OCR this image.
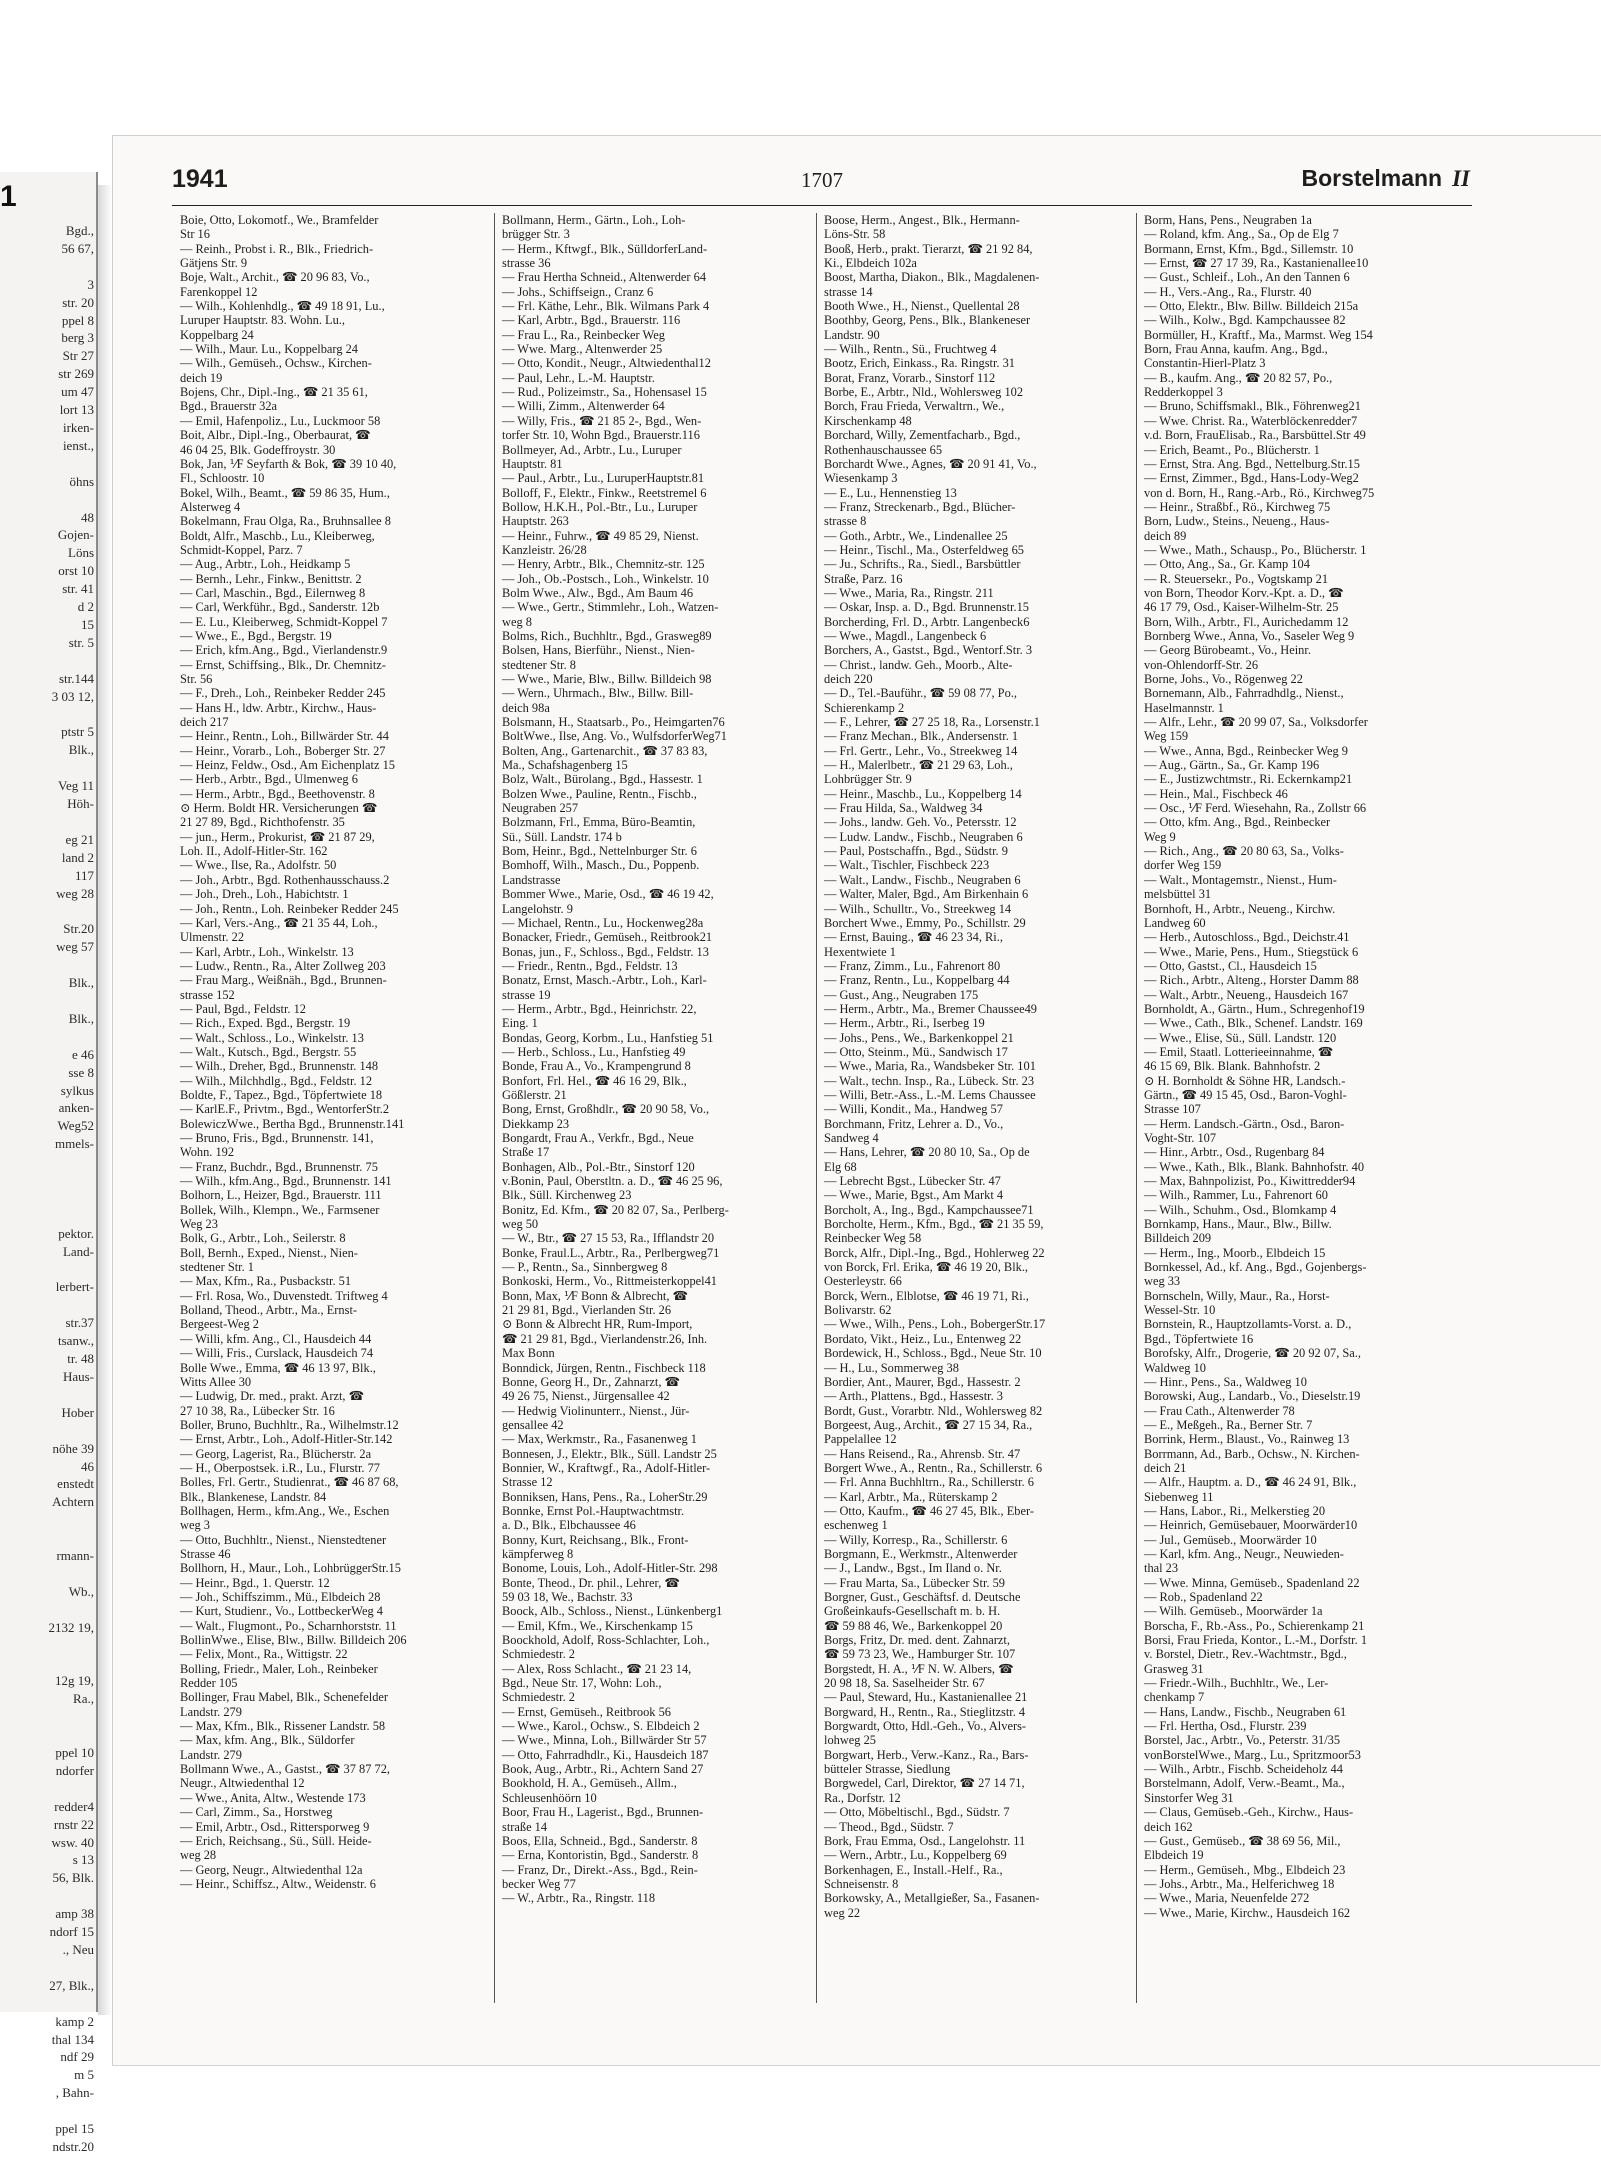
1
Bgd.,
56 67,

3
str. 20
ppel 8
berg 3
Str 27
str 269
um 47
lort 13
irken-
ienst.,

öhns

48
Gojen-
Löns
orst 10
str. 41
d 2
15
str. 5

str.144
3 03 12,

ptstr 5
Blk.,

Veg 11
Höh-

eg 21
land 2
117
weg 28

Str.20
weg 57

Blk.,

Blk.,

e 46
sse 8
sylkus
anken-
Weg52
mmels-

pektor.
Land-

lerbert-

str.37
tsanw.,
tr. 48
Haus-

Hober

nöhe 39
46
enstedt
Achtern

rmann-

Wb.,

2132 19,

12g 19,
Ra.,

ppel 10
ndorfer

redder4
rnstr 22
wsw. 40
s 13
56, Blk.

amp 38
ndorf 15
., Neu

27, Blk.,

kamp 2
thal 134
ndf 29
m 5
, Bahn-

ppel 15
ndstr.20
1941	1707	Borstelmann II
Boie, Otto, Lokomotf., We., Bramfelder
Str 16
— Reinh., Probst i. R., Blk., Friedrich-
Gätjens Str. 9
Boje, Walt., Archit., ☎ 20 96 83, Vo.,
Farenkoppel 12
— Wilh., Kohlenhdlg., ☎ 49 18 91, Lu.,
Luruper Hauptstr. 83. Wohn. Lu.,
Koppelbarg 24
— Wilh., Maur. Lu., Koppelbarg 24
— Wilh., Gemüseh., Ochsw., Kirchen-
deich 19
Bojens, Chr., Dipl.-Ing., ☎ 21 35 61,
Bgd., Brauerstr 32a
— Emil, Hafenpoliz., Lu., Luckmoor 58
Boit, Albr., Dipl.-Ing., Oberbaurat, ☎
46 04 25, Blk. Godeffroystr. 30
Bok, Jan, ⅟F Seyfarth & Bok, ☎ 39 10 40,
Fl., Schloostr. 10
Bokel, Wilh., Beamt., ☎ 59 86 35, Hum.,
Alsterweg 4
Bokelmann, Frau Olga, Ra., Bruhnsallee 8
Boldt, Alfr., Maschb., Lu., Kleiberweg,
Schmidt-Koppel, Parz. 7
— Aug., Arbtr., Loh., Heidkamp 5
— Bernh., Lehr., Finkw., Benittstr. 2
— Carl, Maschin., Bgd., Eilernweg 8
— Carl, Werkführ., Bgd., Sanderstr. 12b
— E. Lu., Kleiberweg, Schmidt-Koppel 7
— Wwe., E., Bgd., Bergstr. 19
— Erich, kfm.Ang., Bgd., Vierlandenstr.9
— Ernst, Schiffsing., Blk., Dr. Chemnitz-
Str. 56
— F., Dreh., Loh., Reinbeker Redder 245
— Hans H., ldw. Arbtr., Kirchw., Haus-
deich 217
— Heinr., Rentn., Loh., Billwärder Str. 44
— Heinr., Vorarb., Loh., Boberger Str. 27
— Heinz, Feldw., Osd., Am Eichenplatz 15
— Herb., Arbtr., Bgd., Ulmenweg 6
— Herm., Arbtr., Bgd., Beethovenstr. 8
⊙ Herm. Boldt HR. Versicherungen ☎
21 27 89, Bgd., Richthofenstr. 35
— jun., Herm., Prokurist, ☎ 21 87 29,
Loh. II., Adolf-Hitler-Str. 162
— Wwe., Ilse, Ra., Adolfstr. 50
— Joh., Arbtr., Bgd. Rothenhausschauss.2
— Joh., Dreh., Loh., Habichtstr. 1
— Joh., Rentn., Loh. Reinbeker Redder 245
— Karl, Vers.-Ang., ☎ 21 35 44, Loh.,
Ulmenstr. 22
— Karl, Arbtr., Loh., Winkelstr. 13
— Ludw., Rentn., Ra., Alter Zollweg 203
— Frau Marg., Weißnäh., Bgd., Brunnen-
strasse 152
— Paul, Bgd., Feldstr. 12
— Rich., Exped. Bgd., Bergstr. 19
— Walt., Schloss., Lo., Winkelstr. 13
— Walt., Kutsch., Bgd., Bergstr. 55
— Wilh., Dreher, Bgd., Brunnenstr. 148
— Wilh., Milchhdlg., Bgd., Feldstr. 12
Boldte, F., Tapez., Bgd., Töpfertwiete 18
— KarlE.F., Privtm., Bgd., WentorferStr.2
BolewiczWwe., Bertha Bgd., Brunnenstr.141
— Bruno, Fris., Bgd., Brunnenstr. 141,
Wohn. 192
— Franz, Buchdr., Bgd., Brunnenstr. 75
— Wilh., kfm.Ang., Bgd., Brunnenstr. 141
Bolhorn, L., Heizer, Bgd., Brauerstr. 111
Bollek, Wilh., Klempn., We., Farmsener
Weg 23
Bolk, G., Arbtr., Loh., Seilerstr. 8
Boll, Bernh., Exped., Nienst., Nien-
stedtener Str. 1
— Max, Kfm., Ra., Pusbackstr. 51
— Frl. Rosa, Wo., Duvenstedt. Triftweg 4
Bolland, Theod., Arbtr., Ma., Ernst-
Bergeest-Weg 2
— Willi, kfm. Ang., Cl., Hausdeich 44
— Willi, Fris., Curslack, Hausdeich 74
Bolle Wwe., Emma, ☎ 46 13 97, Blk.,
Witts Allee 30
— Ludwig, Dr. med., prakt. Arzt, ☎
27 10 38, Ra., Lübecker Str. 16
Boller, Bruno, Buchhltr., Ra., Wilhelmstr.12
— Ernst, Arbtr., Loh., Adolf-Hitler-Str.142
— Georg, Lagerist, Ra., Blücherstr. 2a
— H., Oberpostsek. i.R., Lu., Flurstr. 77
Bolles, Frl. Gertr., Studienrat., ☎ 46 87 68,
Blk., Blankenese, Landstr. 84
Bollhagen, Herm., kfm.Ang., We., Eschen
weg 3
— Otto, Buchhltr., Nienst., Nienstedtener
Strasse 46
Bollhorn, H., Maur., Loh., LohbrüggerStr.15
— Heinr., Bgd., 1. Querstr. 12
— Joh., Schiffszimm., Mü., Elbdeich 28
— Kurt, Studienr., Vo., LottbeckerWeg 4
— Walt., Flugmont., Po., Scharnhorststr. 11
BollinWwe., Elise, Blw., Billw. Billdeich 206
— Felix, Mont., Ra., Wittigstr. 22
Bolling, Friedr., Maler, Loh., Reinbeker
Redder 105
Bollinger, Frau Mabel, Blk., Schenefelder
Landstr. 279
— Max, Kfm., Blk., Rissener Landstr. 58
— Max, kfm. Ang., Blk., Süldorfer
Landstr. 279
Bollmann Wwe., A., Gastst., ☎ 37 87 72,
Neugr., Altwiedenthal 12
— Wwe., Anita, Altw., Westende 173
— Carl, Zimm., Sa., Horstweg
— Emil, Arbtr., Osd., Rittersporweg 9
— Erich, Reichsang., Sü., Süll. Heide-
weg 28
— Georg, Neugr., Altwiedenthal 12a
— Heinr., Schiffsz., Altw., Weidenstr. 6
Bollmann, Herm., Gärtn., Loh., Loh-
brügger Str. 3
— Herm., Kftwgf., Blk., SülldorferLand-
strasse 36
— Frau Hertha Schneid., Altenwerder 64
— Johs., Schiffseign., Cranz 6
— Frl. Käthe, Lehr., Blk. Wilmans Park 4
— Karl, Arbtr., Bgd., Brauerstr. 116
— Frau L., Ra., Reinbecker Weg
— Wwe. Marg., Altenwerder 25
— Otto, Kondit., Neugr., Altwiedenthal12
— Paul, Lehr., L.-M. Hauptstr.
— Rud., Polizeimstr., Sa., Hohensasel 15
— Willi, Zimm., Altenwerder 64
— Willy, Fris., ☎ 21 85 2-, Bgd., Wen-
torfer Str. 10, Wohn Bgd., Brauerstr.116
Bollmeyer, Ad., Arbtr., Lu., Luruper
Hauptstr. 81
— Paul., Arbtr., Lu., LuruperHauptstr.81
Bolloff, F., Elektr., Finkw., Reetstremel 6
Bollow, H.K.H., Pol.-Btr., Lu., Luruper
Hauptstr. 263
— Heinr., Fuhrw., ☎ 49 85 29, Nienst.
Kanzleistr. 26/28
— Henry, Arbtr., Blk., Chemnitz-str. 125
— Joh., Ob.-Postsch., Loh., Winkelstr. 10
Bolm Wwe., Alw., Bgd., Am Baum 46
— Wwe., Gertr., Stimmlehr., Loh., Watzen-
weg 8
Bolms, Rich., Buchhltr., Bgd., Grasweg89
Bolsen, Hans, Bierführ., Nienst., Nien-
stedtener Str. 8
— Wwe., Marie, Blw., Billw. Billdeich 98
— Wern., Uhrmach., Blw., Billw. Bill-
deich 98a
Bolsmann, H., Staatsarb., Po., Heimgarten76
BoltWwe., Ilse, Ang. Vo., WulfsdorferWeg71
Bolten, Ang., Gartenarchit., ☎ 37 83 83,
Ma., Schafshagenberg 15
Bolz, Walt., Bürolang., Bgd., Hassestr. 1
Bolzen Wwe., Pauline, Rentn., Fischb.,
Neugraben 257
Bolzmann, Frl., Emma, Büro-Beamtin,
Sü., Süll. Landstr. 174 b
Bom, Heinr., Bgd., Nettelnburger Str. 6
Bomhoff, Wilh., Masch., Du., Poppenb.
Landstrasse
Bommer Wwe., Marie, Osd., ☎ 46 19 42,
Langelohstr. 9
— Michael, Rentn., Lu., Hockenweg28a
Bonacker, Friedr., Gemüseh., Reitbrook21
Bonas, jun., F., Schloss., Bgd., Feldstr. 13
— Friedr., Rentn., Bgd., Feldstr. 13
Bonatz, Ernst, Masch.-Arbtr., Loh., Karl-
strasse 19
— Herm., Arbtr., Bgd., Heinrichstr. 22,
Eing. 1
Bondas, Georg, Korbm., Lu., Hanfstieg 51
— Herb., Schloss., Lu., Hanfstieg 49
Bonde, Frau A., Vo., Krampengrund 8
Bonfort, Frl. Hel., ☎ 46 16 29, Blk.,
Gößlerstr. 21
Bong, Ernst, Großhdlr., ☎ 20 90 58, Vo.,
Diekkamp 23
Bongardt, Frau A., Verkfr., Bgd., Neue
Straße 17
Bonhagen, Alb., Pol.-Btr., Sinstorf 120
v.Bonin, Paul, Oberstltn. a. D., ☎ 46 25 96,
Blk., Süll. Kirchenweg 23
Bonitz, Ed. Kfm., ☎ 20 82 07, Sa., Perlberg-
weg 50
— W., Btr., ☎ 27 15 53, Ra., Ifflandstr 20
Bonke, Fraul.L., Arbtr., Ra., Perlbergweg71
— P., Rentn., Sa., Sinnbergweg 8
Bonkoski, Herm., Vo., Rittmeisterkoppel41
Bonn, Max, ⅟F Bonn & Albrecht, ☎
21 29 81, Bgd., Vierlanden Str. 26
⊙ Bonn & Albrecht HR, Rum-Import,
☎ 21 29 81, Bgd., Vierlandenstr.26, Inh.
Max Bonn
Bonndick, Jürgen, Rentn., Fischbeck 118
Bonne, Georg H., Dr., Zahnarzt, ☎
49 26 75, Nienst., Jürgensallee 42
— Hedwig Violinunterr., Nienst., Jür-
gensallee 42
— Max, Werkmstr., Ra., Fasanenweg 1
Bonnesen, J., Elektr., Blk., Süll. Landstr 25
Bonnier, W., Kraftwgf., Ra., Adolf-Hitler-
Strasse 12
Bonniksen, Hans, Pens., Ra., LoherStr.29
Bonnke, Ernst Pol.-Hauptwachtmstr.
a. D., Blk., Elbchaussee 46
Bonny, Kurt, Reichsang., Blk., Front-
kämpferweg 8
Bonome, Louis, Loh., Adolf-Hitler-Str. 298
Bonte, Theod., Dr. phil., Lehrer, ☎
59 03 18, We., Bachstr. 33
Boock, Alb., Schloss., Nienst., Lünkenberg1
— Emil, Kfm., We., Kirschenkamp 15
Boockhold, Adolf, Ross-Schlachter, Loh.,
Schmiedestr. 2
— Alex, Ross Schlacht., ☎ 21 23 14,
Bgd., Neue Str. 17, Wohn: Loh.,
Schmiedestr. 2
— Ernst, Gemüseh., Reitbrook 56
— Wwe., Karol., Ochsw., S. Elbdeich 2
— Wwe., Minna, Loh., Billwärder Str 57
— Otto, Fahrradhdlr., Ki., Hausdeich 187
Book, Aug., Arbtr., Ri., Achtern Sand 27
Bookhold, H. A., Gemüseh., Allm.,
Schleusenhöörn 10
Boor, Frau H., Lagerist., Bgd., Brunnen-
straße 14
Boos, Ella, Schneid., Bgd., Sanderstr. 8
— Erna, Kontoristin, Bgd., Sanderstr. 8
— Franz, Dr., Direkt.-Ass., Bgd., Rein-
becker Weg 77
— W., Arbtr., Ra., Ringstr. 118
Boose, Herm., Angest., Blk., Hermann-
Löns-Str. 58
Booß, Herb., prakt. Tierarzt, ☎ 21 92 84,
Ki., Elbdeich 102a
Boost, Martha, Diakon., Blk., Magdalenen-
strasse 14
Booth Wwe., H., Nienst., Quellental 28
Boothby, Georg, Pens., Blk., Blankeneser
Landstr. 90
— Wilh., Rentn., Sü., Fruchtweg 4
Bootz, Erich, Einkass., Ra. Ringstr. 31
Borat, Franz, Vorarb., Sinstorf 112
Borbe, E., Arbtr., Nld., Wohlersweg 102
Borch, Frau Frieda, Verwaltrn., We.,
Kirschenkamp 48
Borchard, Willy, Zementfacharb., Bgd.,
Rothenhauschaussee 65
Borchardt Wwe., Agnes, ☎ 20 91 41, Vo.,
Wiesenkamp 3
— E., Lu., Hennenstieg 13
— Franz, Streckenarb., Bgd., Blücher-
strasse 8
— Goth., Arbtr., We., Lindenallee 25
— Heinr., Tischl., Ma., Osterfeldweg 65
— Ju., Schrifts., Ra., Siedl., Barsbüttler
Straße, Parz. 16
— Wwe., Maria, Ra., Ringstr. 211
— Oskar, Insp. a. D., Bgd. Brunnenstr.15
Borcherding, Frl. D., Arbtr. Langenbeck6
— Wwe., Magdl., Langenbeck 6
Borchers, A., Gastst., Bgd., Wentorf.Str. 3
— Christ., landw. Geh., Moorb., Alte-
deich 220
— D., Tel.-Bauführ., ☎ 59 08 77, Po.,
Schierenkamp 2
— F., Lehrer, ☎ 27 25 18, Ra., Lorsenstr.1
— Franz Mechan., Blk., Andersenstr. 1
— Frl. Gertr., Lehr., Vo., Streekweg 14
— H., Malerlbetr., ☎ 21 29 63, Loh.,
Lohbrügger Str. 9
— Heinr., Maschb., Lu., Koppelberg 14
— Frau Hilda, Sa., Waldweg 34
— Johs., landw. Geh. Vo., Petersstr. 12
— Ludw. Landw., Fischb., Neugraben 6
— Paul, Postschaffn., Bgd., Südstr. 9
— Walt., Tischler, Fischbeck 223
— Walt., Landw., Fischb., Neugraben 6
— Walter, Maler, Bgd., Am Birkenhain 6
— Wilh., Schulltr., Vo., Streekweg 14
Borchert Wwe., Emmy, Po., Schillstr. 29
— Ernst, Bauing., ☎ 46 23 34, Ri.,
Hexentwiete 1
— Franz, Zimm., Lu., Fahrenort 80
— Franz, Rentn., Lu., Koppelbarg 44
— Gust., Ang., Neugraben 175
— Herm., Arbtr., Ma., Bremer Chaussee49
— Herm., Arbtr., Ri., Iserbeg 19
— Johs., Pens., We., Barkenkoppel 21
— Otto, Steinm., Mü., Sandwisch 17
— Wwe., Maria, Ra., Wandsbeker Str. 101
— Walt., techn. Insp., Ra., Lübeck. Str. 23
— Willi, Betr.-Ass., L.-M. Lems Chaussee
— Willi, Kondit., Ma., Handweg 57
Borchmann, Fritz, Lehrer a. D., Vo.,
Sandweg 4
— Hans, Lehrer, ☎ 20 80 10, Sa., Op de
Elg 68
— Lebrecht Bgst., Lübecker Str. 47
— Wwe., Marie, Bgst., Am Markt 4
Borcholt, A., Ing., Bgd., Kampchaussee71
Borcholte, Herm., Kfm., Bgd., ☎ 21 35 59,
Reinbecker Weg 58
Borck, Alfr., Dipl.-Ing., Bgd., Hohlerweg 22
von Borck, Frl. Erika, ☎ 46 19 20, Blk.,
Oesterleystr. 66
Borck, Wern., Elblotse, ☎ 46 19 71, Ri.,
Bolivarstr. 62
— Wwe., Wilh., Pens., Loh., BobergerStr.17
Bordato, Vikt., Heiz., Lu., Entenweg 22
Bordewick, H., Schloss., Bgd., Neue Str. 10
— H., Lu., Sommerweg 38
Bordier, Ant., Maurer, Bgd., Hassestr. 2
— Arth., Plattens., Bgd., Hassestr. 3
Bordt, Gust., Vorarbtr. Nld., Wohlersweg 82
Borgeest, Aug., Archit., ☎ 27 15 34, Ra.,
Pappelallee 12
— Hans Reisend., Ra., Ahrensb. Str. 47
Borgert Wwe., A., Rentn., Ra., Schillerstr. 6
— Frl. Anna Buchhltrn., Ra., Schillerstr. 6
— Karl, Arbtr., Ma., Rüterskamp 2
— Otto, Kaufm., ☎ 46 27 45, Blk., Eber-
eschenweg 1
— Willy, Korresp., Ra., Schillerstr. 6
Borgmann, E., Werkmstr., Altenwerder
— J., Landw., Bgst., Im Iland o. Nr.
— Frau Marta, Sa., Lübecker Str. 59
Borgner, Gust., Geschäftsf. d. Deutsche
Großeinkaufs-Gesellschaft m. b. H.
☎ 59 88 46, We., Barkenkoppel 20
Borgs, Fritz, Dr. med. dent. Zahnarzt,
☎ 59 73 23, We., Hamburger Str. 107
Borgstedt, H. A., ⅟F N. W. Albers, ☎
20 98 18, Sa. Saselheider Str. 67
— Paul, Steward, Hu., Kastanienallee 21
Borgward, H., Rentn., Ra., Stieglitzstr. 4
Borgwardt, Otto, Hdl.-Geh., Vo., Alvers-
lohweg 25
Borgwart, Herb., Verw.-Kanz., Ra., Bars-
bütteler Strasse, Siedlung
Borgwedel, Carl, Direktor, ☎ 27 14 71,
Ra., Dorfstr. 12
— Otto, Möbeltischl., Bgd., Südstr. 7
— Theod., Bgd., Südstr. 7
Bork, Frau Emma, Osd., Langelohstr. 11
— Wern., Arbtr., Lu., Koppelberg 69
Borkenhagen, E., Install.-Helf., Ra.,
Schneisenstr. 8
Borkowsky, A., Metallgießer, Sa., Fasanen-
weg 22
Borm, Hans, Pens., Neugraben 1a
— Roland, kfm. Ang., Sa., Op de Elg 7
Bormann, Ernst, Kfm., Bgd., Sillemstr. 10
— Ernst, ☎ 27 17 39, Ra., Kastanienallee10
— Gust., Schleif., Loh., An den Tannen 6
— H., Vers.-Ang., Ra., Flurstr. 40
— Otto, Elektr., Blw. Billw. Billdeich 215a
— Wilh., Kolw., Bgd. Kampchaussee 82
Bormüller, H., Kraftf., Ma., Marmst. Weg 154
Born, Frau Anna, kaufm. Ang., Bgd.,
Constantin-Hierl-Platz 3
— B., kaufm. Ang., ☎ 20 82 57, Po.,
Redderkoppel 3
— Bruno, Schiffsmakl., Blk., Föhrenweg21
— Wwe. Christ. Ra., Waterblöckenredder7
v.d. Born, FrauElisab., Ra., Barsbüttel.Str 49
— Erich, Beamt., Po., Blücherstr. 1
— Ernst, Stra. Ang. Bgd., Nettelburg.Str.15
— Ernst, Zimmer., Bgd., Hans-Lody-Weg2
von d. Born, H., Rang.-Arb., Rö., Kirchweg75
— Heinr., Straßbf., Rö., Kirchweg 75
Born, Ludw., Steins., Neueng., Haus-
deich 89
— Wwe., Math., Schausp., Po., Blücherstr. 1
— Otto, Ang., Sa., Gr. Kamp 104
— R. Steuersekr., Po., Vogtskamp 21
von Born, Theodor Korv.-Kpt. a. D., ☎
46 17 79, Osd., Kaiser-Wilhelm-Str. 25
Born, Wilh., Arbtr., Fl., Aurichedamm 12
Bornberg Wwe., Anna, Vo., Saseler Weg 9
— Georg Bürobeamt., Vo., Heinr.
von-Ohlendorff-Str. 26
Borne, Johs., Vo., Rögenweg 22
Bornemann, Alb., Fahrradhdlg., Nienst.,
Haselmannstr. 1
— Alfr., Lehr., ☎ 20 99 07, Sa., Volksdorfer
Weg 159
— Wwe., Anna, Bgd., Reinbecker Weg 9
— Aug., Gärtn., Sa., Gr. Kamp 196
— E., Justizwchtmstr., Ri. Eckernkamp21
— Hein., Mal., Fischbeck 46
— Osc., ⅟F Ferd. Wiesehahn, Ra., Zollstr 66
— Otto, kfm. Ang., Bgd., Reinbecker
Weg 9
— Rich., Ang., ☎ 20 80 63, Sa., Volks-
dorfer Weg 159
— Walt., Montagemstr., Nienst., Hum-
melsbüttel 31
Bornhoft, H., Arbtr., Neueng., Kirchw.
Landweg 60
— Herb., Autoschloss., Bgd., Deichstr.41
— Wwe., Marie, Pens., Hum., Stiegstück 6
— Otto, Gastst., Cl., Hausdeich 15
— Rich., Arbtr., Alteng., Horster Damm 88
— Walt., Arbtr., Neueng., Hausdeich 167
Bornholdt, A., Gärtn., Hum., Schregenhof19
— Wwe., Cath., Blk., Schenef. Landstr. 169
— Wwe., Elise, Sü., Süll. Landstr. 120
— Emil, Staatl. Lotterieeinnahme, ☎
46 15 69, Blk. Blank. Bahnhofstr. 2
⊙ H. Bornholdt & Söhne HR, Landsch.-
Gärtn., ☎ 49 15 45, Osd., Baron-Voghl-
Strasse 107
— Herm. Landsch.-Gärtn., Osd., Baron-
Voght-Str. 107
— Hinr., Arbtr., Osd., Rugenbarg 84
— Wwe., Kath., Blk., Blank. Bahnhofstr. 40
— Max, Bahnpolizist, Po., Kiwittredder94
— Wilh., Rammer, Lu., Fahrenort 60
— Wilh., Schuhm., Osd., Blomkamp 4
Bornkamp, Hans., Maur., Blw., Billw.
Billdeich 209
— Herm., Ing., Moorb., Elbdeich 15
Bornkessel, Ad., kf. Ang., Bgd., Gojenbergs-
weg 33
Bornscheln, Willy, Maur., Ra., Horst-
Wessel-Str. 10
Bornstein, R., Hauptzollamts-Vorst. a. D.,
Bgd., Töpfertwiete 16
Borofsky, Alfr., Drogerie, ☎ 20 92 07, Sa.,
Waldweg 10
— Hinr., Pens., Sa., Waldweg 10
Borowski, Aug., Landarb., Vo., Dieselstr.19
— Frau Cath., Altenwerder 78
— E., Meßgeh., Ra., Berner Str. 7
Borrink, Herm., Blaust., Vo., Rainweg 13
Borrmann, Ad., Barb., Ochsw., N. Kirchen-
deich 21
— Alfr., Hauptm. a. D., ☎ 46 24 91, Blk.,
Siebenweg 11
— Hans, Labor., Ri., Melkerstieg 20
— Heinrich, Gemüsebauer, Moorwärder10
— Jul., Gemüseb., Moorwärder 10
— Karl, kfm. Ang., Neugr., Neuwieden-
thal 23
— Wwe. Minna, Gemüseb., Spadenland 22
— Rob., Spadenland 22
— Wilh. Gemüseb., Moorwärder 1a
Borscha, F., Rb.-Ass., Po., Schierenkamp 21
Borsi, Frau Frieda, Kontor., L.-M., Dorfstr. 1
v. Borstel, Dietr., Rev.-Wachtmstr., Bgd.,
Grasweg 31
— Friedr.-Wilh., Buchhltr., We., Ler-
chenkamp 7
— Hans, Landw., Fischb., Neugraben 61
— Frl. Hertha, Osd., Flurstr. 239
Borstel, Jac., Arbtr., Vo., Peterstr. 31/35
vonBorstelWwe., Marg., Lu., Spritzmoor53
— Wilh., Arbtr., Fischb. Scheideholz 44
Borstelmann, Adolf, Verw.-Beamt., Ma.,
Sinstorfer Weg 31
— Claus, Gemüseb.-Geh., Kirchw., Haus-
deich 162
— Gust., Gemüseb., ☎ 38 69 56, Mil.,
Elbdeich 19
— Herm., Gemüseh., Mbg., Elbdeich 23
— Johs., Arbtr., Ma., Helferichweg 18
— Wwe., Maria, Neuenfelde 272
— Wwe., Marie, Kirchw., Hausdeich 162
